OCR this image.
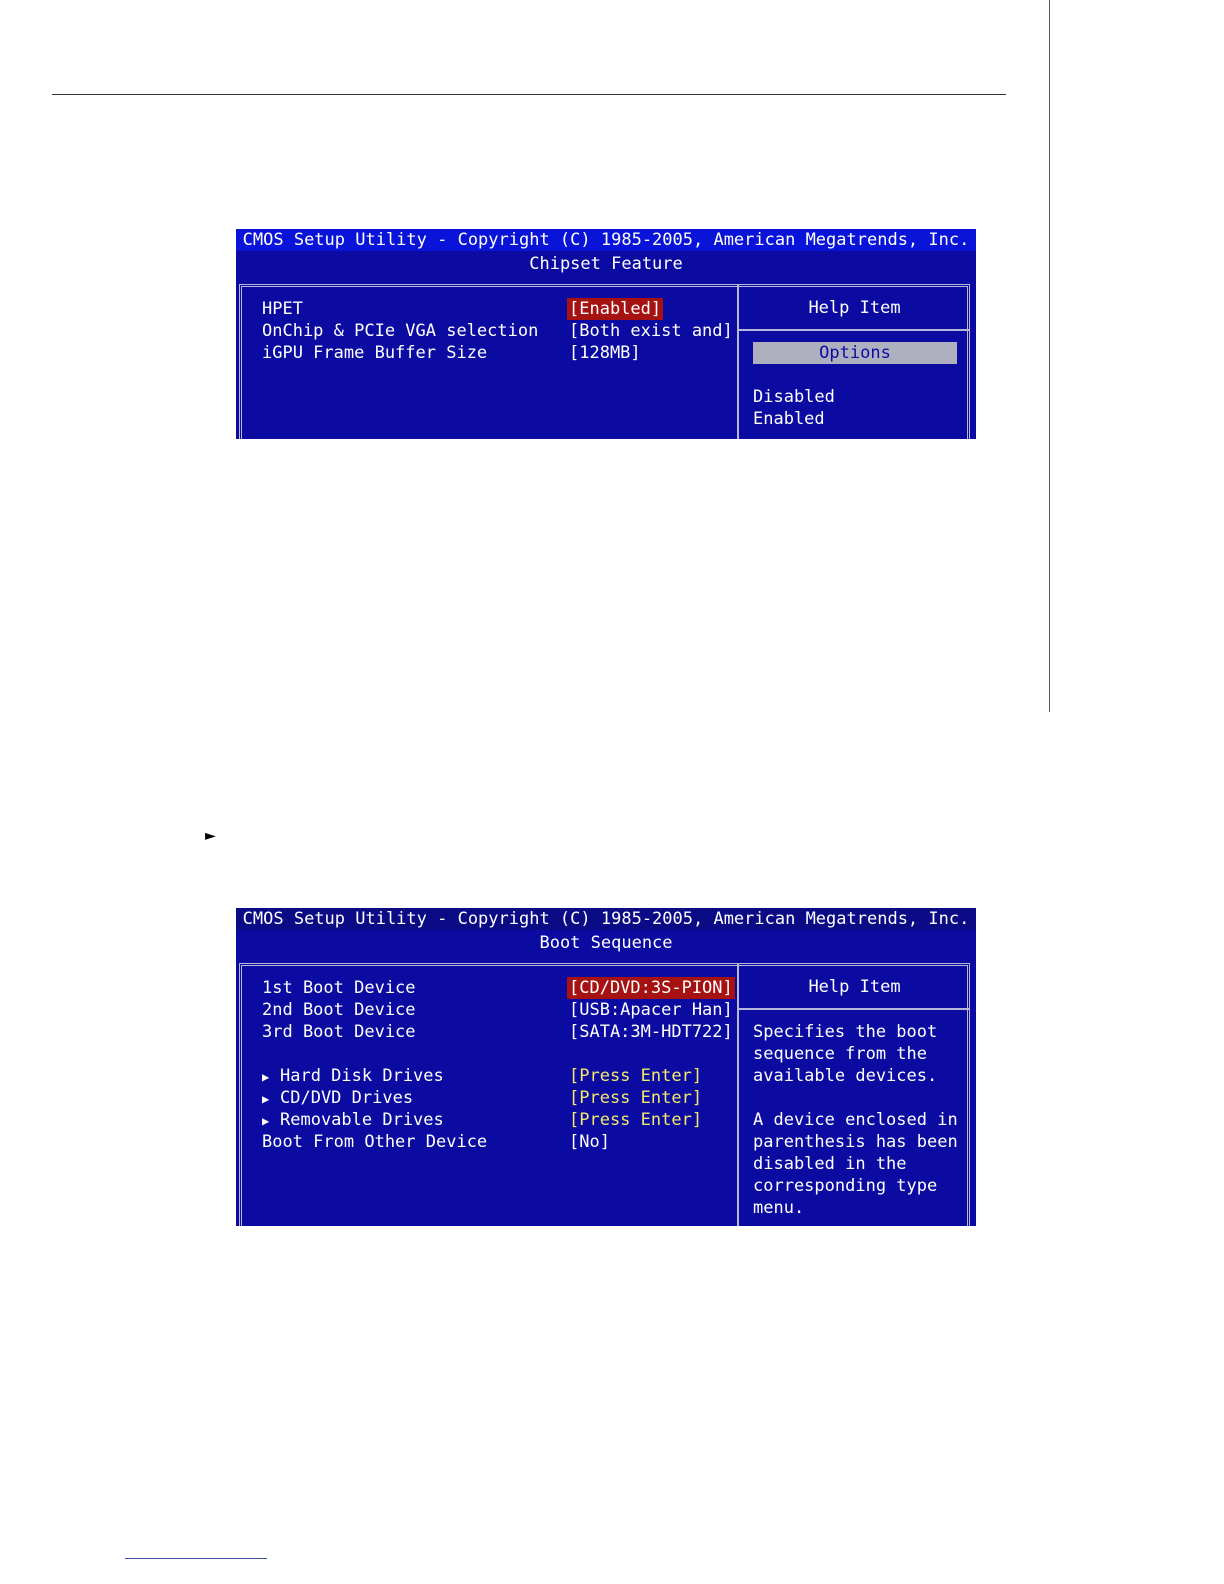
►
CMOS Setup Utility - Copyright (C) 1985-2005, American Megatrends, Inc.
Chipset Feature
Help Item
HPET	[Enabled]
OnChip & PCIe VGA selection [Both exist and]
iGPU Frame Buffer Size	[128MB]	Options
Disabled
Enabled
CMOS Setup Utility - Copyright (C) 1985-2005, American Megatrends, Inc.
Boot Sequence
Help Item
1st Boot Device	[CD/DVD:3S-PION]
2nd Boot Device	[USB:Apacer Han]
3rd Boot Device	[SATA:3M-HDT722]
▶ Hard Disk Drives	[Press Enter]
▶ CD/DVD Drives	[Press Enter]
▶ Removable Drives	[Press Enter]
Boot From Other Device	[No]
Specifies the boot
sequence from the
available devices.
A device enclosed in
parenthesis has been
disabled in the
corresponding type
menu.
